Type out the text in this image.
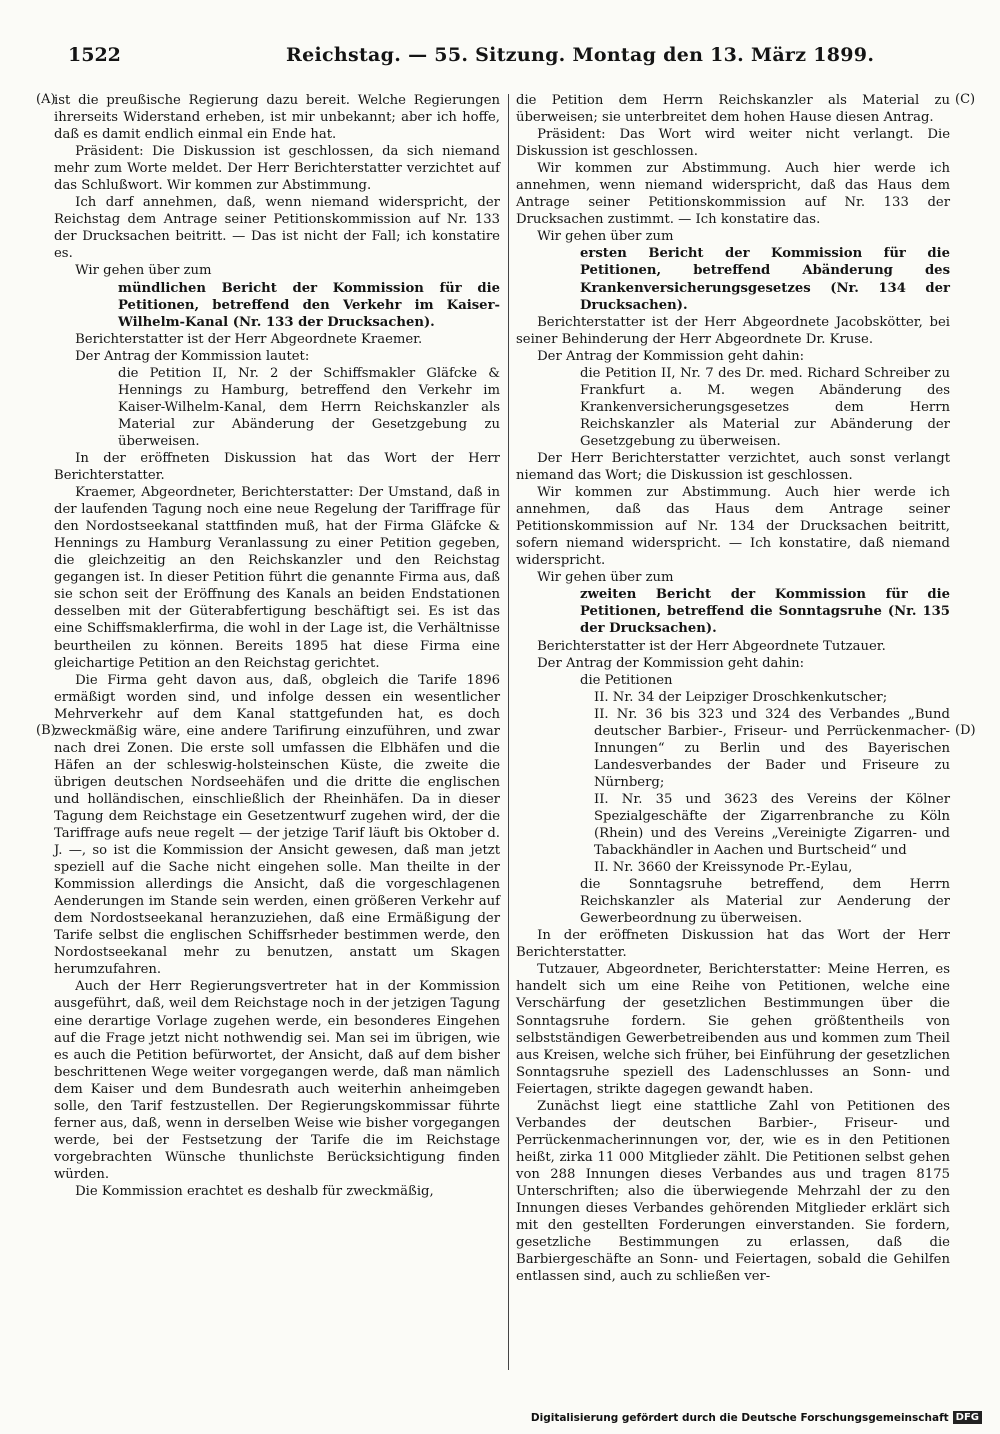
1522	Reichstag. — 55. Sitzung. Montag den 13. März 1899.
(A)
(B)
(C)
(D)

ist die preußische Regierung dazu bereit. Welche Regierungen ihrerseits Widerstand erheben, ist mir unbekannt; aber ich hoffe, daß es damit endlich einmal ein Ende hat.

Präsident: Die Diskussion ist geschlossen, da sich niemand mehr zum Worte meldet. Der Herr Berichterstatter verzichtet auf das Schlußwort. Wir kommen zur Abstimmung.

Ich darf annehmen, daß, wenn niemand widerspricht, der Reichstag dem Antrage seiner Petitionskommission auf Nr. 133 der Drucksachen beitritt. — Das ist nicht der Fall; ich konstatire es.

Wir gehen über zum

mündlichen Bericht der Kommission für die Petitionen, betreffend den Verkehr im Kaiser-Wilhelm-Kanal (Nr. 133 der Drucksachen).

Berichterstatter ist der Herr Abgeordnete Kraemer.

Der Antrag der Kommission lautet:

die Petition II, Nr. 2 der Schiffsmakler Gläfcke & Hennings zu Hamburg, betreffend den Verkehr im Kaiser-Wilhelm-Kanal, dem Herrn Reichskanzler als Material zur Abänderung der Gesetzgebung zu überweisen.

In der eröffneten Diskussion hat das Wort der Herr Berichterstatter.

Kraemer, Abgeordneter, Berichterstatter: Der Umstand, daß in der laufenden Tagung noch eine neue Regelung der Tariffrage für den Nordostseekanal stattfinden muß, hat der Firma Gläfcke & Hennings zu Hamburg Veranlassung zu einer Petition gegeben, die gleichzeitig an den Reichskanzler und den Reichstag gegangen ist. In dieser Petition führt die genannte Firma aus, daß sie schon seit der Eröffnung des Kanals an beiden Endstationen desselben mit der Güterabfertigung beschäftigt sei. Es ist das eine Schiffsmaklerfirma, die wohl in der Lage ist, die Verhältnisse beurtheilen zu können. Bereits 1895 hat diese Firma eine gleichartige Petition an den Reichstag gerichtet.

Die Firma geht davon aus, daß, obgleich die Tarife 1896 ermäßigt worden sind, und infolge dessen ein wesentlicher Mehrverkehr auf dem Kanal stattgefunden hat, es doch zweckmäßig wäre, eine andere Tarifirung einzuführen, und zwar nach drei Zonen. Die erste soll umfassen die Elbhäfen und die Häfen an der schleswig-holsteinschen Küste, die zweite die übrigen deutschen Nordseehäfen und die dritte die englischen und holländischen, einschließlich der Rheinhäfen. Da in dieser Tagung dem Reichstage ein Gesetzentwurf zugehen wird, der die Tariffrage aufs neue regelt — der jetzige Tarif läuft bis Oktober d. J. —, so ist die Kommission der Ansicht gewesen, daß man jetzt speziell auf die Sache nicht eingehen solle. Man theilte in der Kommission allerdings die Ansicht, daß die vorgeschlagenen Aenderungen im Stande sein werden, einen größeren Verkehr auf dem Nordostseekanal heranzuziehen, daß eine Ermäßigung der Tarife selbst die englischen Schiffsrheder bestimmen werde, den Nordostseekanal mehr zu benutzen, anstatt um Skagen herumzufahren.

Auch der Herr Regierungsvertreter hat in der Kommission ausgeführt, daß, weil dem Reichstage noch in der jetzigen Tagung eine derartige Vorlage zugehen werde, ein besonderes Eingehen auf die Frage jetzt nicht nothwendig sei. Man sei im übrigen, wie es auch die Petition befürwortet, der Ansicht, daß auf dem bisher beschrittenen Wege weiter vorgegangen werde, daß man nämlich dem Kaiser und dem Bundesrath auch weiterhin anheimgeben solle, den Tarif festzustellen. Der Regierungskommissar führte ferner aus, daß, wenn in derselben Weise wie bisher vorgegangen werde, bei der Festsetzung der Tarife die im Reichstage vorgebrachten Wünsche thunlichste Berücksichtigung finden würden.

Die Kommission erachtet es deshalb für zweckmäßig,

die Petition dem Herrn Reichskanzler als Material zu überweisen; sie unterbreitet dem hohen Hause diesen Antrag.

Präsident: Das Wort wird weiter nicht verlangt. Die Diskussion ist geschlossen.

Wir kommen zur Abstimmung. Auch hier werde ich annehmen, wenn niemand widerspricht, daß das Haus dem Antrage seiner Petitionskommission auf Nr. 133 der Drucksachen zustimmt. — Ich konstatire das.

Wir gehen über zum

ersten Bericht der Kommission für die Petitionen, betreffend Abänderung des Krankenversicherungsgesetzes (Nr. 134 der Drucksachen).

Berichterstatter ist der Herr Abgeordnete Jacobskötter, bei seiner Behinderung der Herr Abgeordnete Dr. Kruse.

Der Antrag der Kommission geht dahin:

die Petition II, Nr. 7 des Dr. med. Richard Schreiber zu Frankfurt a. M. wegen Abänderung des Krankenversicherungsgesetzes dem Herrn Reichskanzler als Material zur Abänderung der Gesetzgebung zu überweisen.

Der Herr Berichterstatter verzichtet, auch sonst verlangt niemand das Wort; die Diskussion ist geschlossen.

Wir kommen zur Abstimmung. Auch hier werde ich annehmen, daß das Haus dem Antrage seiner Petitionskommission auf Nr. 134 der Drucksachen beitritt, sofern niemand widerspricht. — Ich konstatire, daß niemand widerspricht.

Wir gehen über zum

zweiten Bericht der Kommission für die Petitionen, betreffend die Sonntagsruhe (Nr. 135 der Drucksachen).

Berichterstatter ist der Herr Abgeordnete Tutzauer.

Der Antrag der Kommission geht dahin:

die Petitionen

II. Nr. 34 der Leipziger Droschkenkutscher;

II. Nr. 36 bis 323 und 324 des Verbandes „Bund deutscher Barbier-, Friseur- und Perrückenmacher-Innungen“ zu Berlin und des Bayerischen Landesverbandes der Bader und Friseure zu Nürnberg;

II. Nr. 35 und 3623 des Vereins der Kölner Spezialgeschäfte der Zigarrenbranche zu Köln (Rhein) und des Vereins „Vereinigte Zigarren- und Tabackhändler in Aachen und Burtscheid“ und

II. Nr. 3660 der Kreissynode Pr.-Eylau,

die Sonntagsruhe betreffend, dem Herrn Reichskanzler als Material zur Aenderung der Gewerbeordnung zu überweisen.

In der eröffneten Diskussion hat das Wort der Herr Berichterstatter.

Tutzauer, Abgeordneter, Berichterstatter: Meine Herren, es handelt sich um eine Reihe von Petitionen, welche eine Verschärfung der gesetzlichen Bestimmungen über die Sonntagsruhe fordern. Sie gehen größtentheils von selbstständigen Gewerbetreibenden aus und kommen zum Theil aus Kreisen, welche sich früher, bei Einführung der gesetzlichen Sonntagsruhe speziell des Ladenschlusses an Sonn- und Feiertagen, strikte dagegen gewandt haben.

Zunächst liegt eine stattliche Zahl von Petitionen des Verbandes der deutschen Barbier-, Friseur- und Perrückenmacherinnungen vor, der, wie es in den Petitionen heißt, zirka 11 000 Mitglieder zählt. Die Petitionen selbst gehen von 288 Innungen dieses Verbandes aus und tragen 8175 Unterschriften; also die überwiegende Mehrzahl der zu den Innungen dieses Verbandes gehörenden Mitglieder erklärt sich mit den gestellten Forderungen einverstanden. Sie fordern, gesetzliche Bestimmungen zu erlassen, daß die Barbiergeschäfte an Sonn- und Feiertagen, sobald die Gehilfen entlassen sind, auch zu schließen ver-

Digitalisierung gefördert durch die Deutsche Forschungsgemeinschaft DFG
